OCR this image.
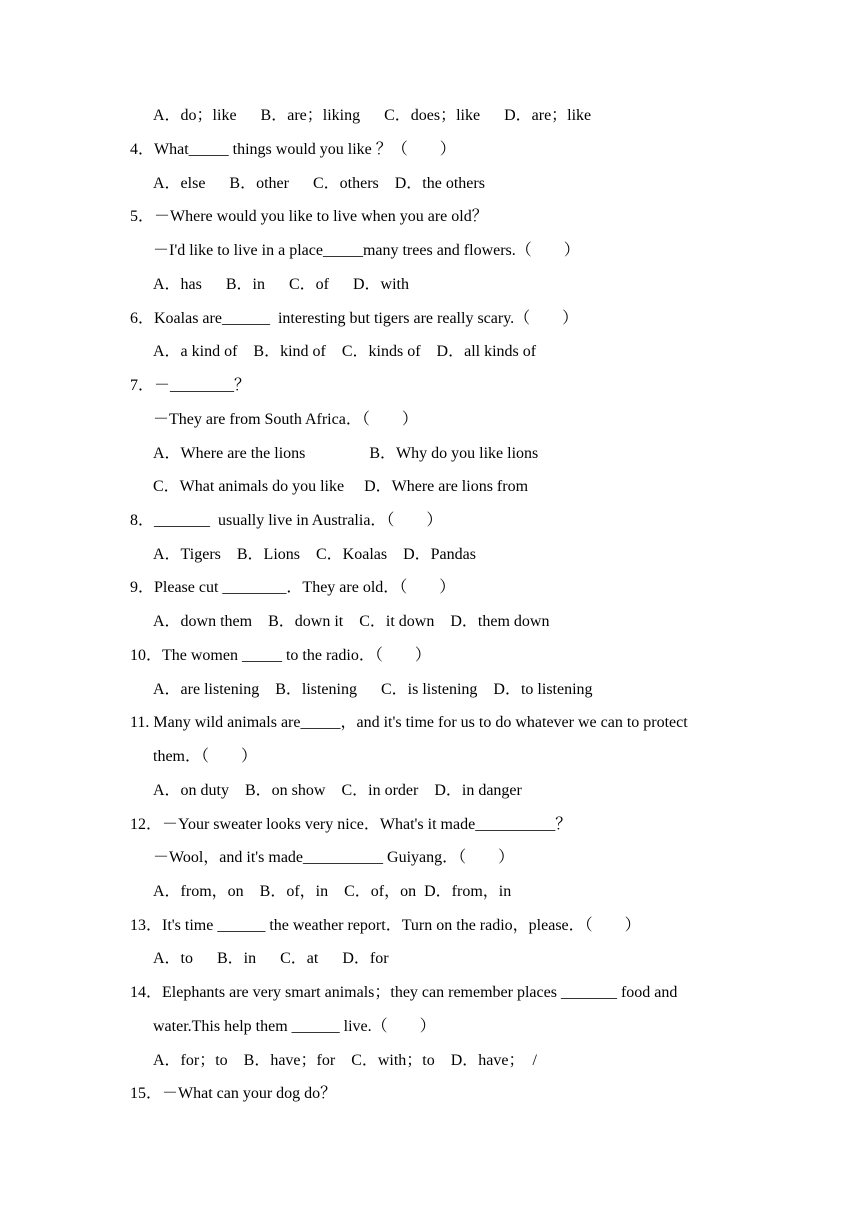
A．do；like      B．are；liking      C．does；like      D．are；like
4．What_____ things would you like ？（        ）
A．else      B．other      C．others    D．the others
5．－Where would you like to live when you are old？
－I'd like to live in a place_____many trees and flowers.（        ）
A．has      B．in      C．of      D．with
6．Koalas are______  interesting but tigers are really scary.（        ）
A．a kind of    B．kind of    C．kinds of    D．all kinds of
7．－________？
－They are from South Africa．（        ）
A．Where are the lions                B．Why do you like lions
C．What animals do you like     D．Where are lions from
8．_______  usually live in Australia．（        ）
A．Tigers    B．Lions    C．Koalas    D．Pandas
9．Please cut ________．They are old．（        ）
A．down them    B．down it    C．it down    D．them down
10．The women _____ to the radio．（        ）
A．are listening    B．listening      C．is listening    D．to listening
11. Many wild animals are_____，and it's time for us to do whatever we can to protect
them．（        ）
A．on duty    B．on show    C．in order    D．in danger
12．－Your sweater looks very nice．What's it made__________？
－Wool，and it's made__________ Guiyang．（        ）
A．from，on    B．of，in    C．of，on  D．from，in
13．It's time ______ the weather report．Turn on the radio，please．（        ）
A．to      B．in      C．at      D．for
14．Elephants are very smart animals；they can remember places _______ food and
water.This help them ______ live.（        ）
A．for；to    B．have；for    C．with；to    D．have；  /
15．－What can your dog do？
